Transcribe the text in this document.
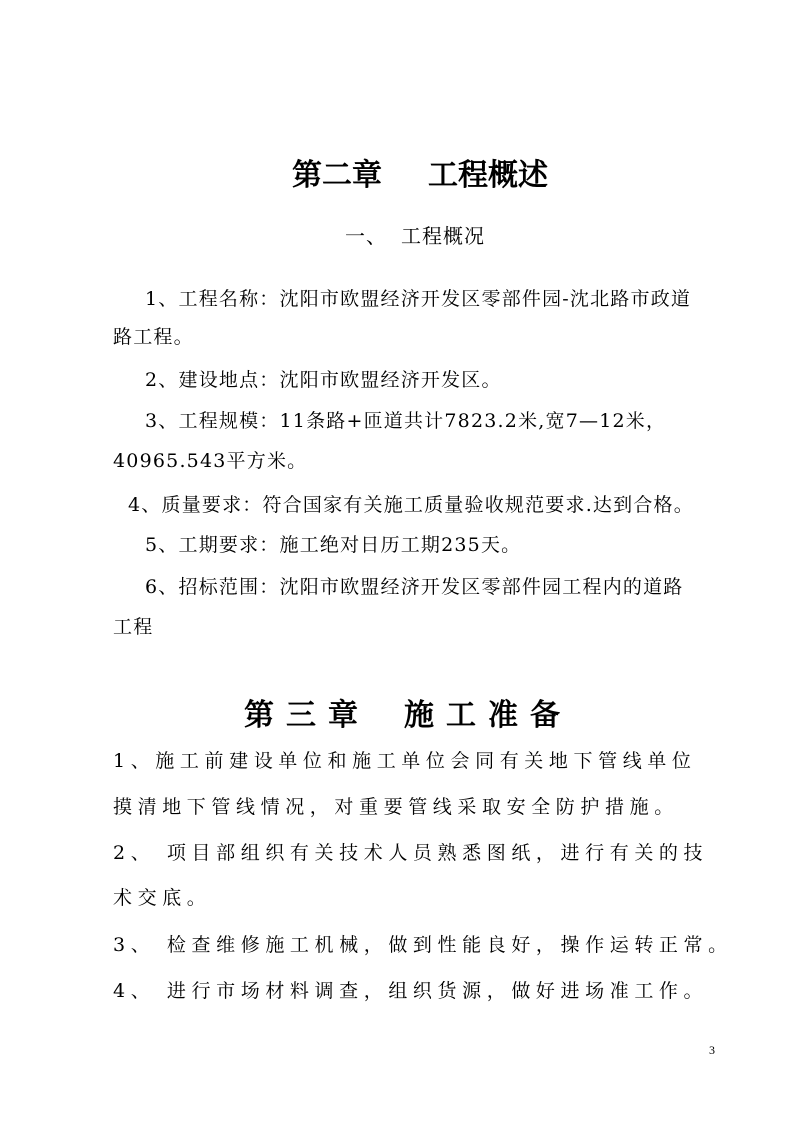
第二章 工程概述
一、 工程概况
1、工程名称：沈阳市欧盟经济开发区零部件园-沈北路市政道
路工程。
2、建设地点：沈阳市欧盟经济开发区。
3、工程规模：11条路+匝道共计7823.2米,宽7—12米，
40965.543平方米。
4、质量要求：符合国家有关施工质量验收规范要求.达到合格。
5、工期要求：施工绝对日历工期235天。
6、招标范围：沈阳市欧盟经济开发区零部件园工程内的道路
工程
第三章 施工准备
1、施工前建设单位和施工单位会同有关地下管线单位
摸清地下管线情况，对重要管线采取安全防护措施。
2、 项目部组织有关技术人员熟悉图纸，进行有关的技
术交底。
3、 检查维修施工机械，做到性能良好，操作运转正常。
4、 进行市场材料调查，组织货源，做好进场准工作。
3
